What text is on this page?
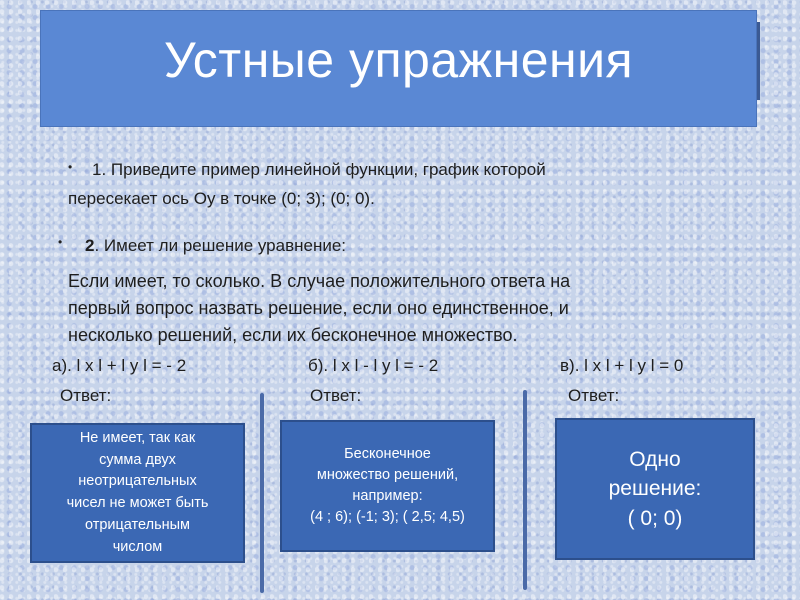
Устные упражнения
• 1. Приведите пример линейной функции, график которой
пересекает ось Оу в точке (0; 3); (0; 0).
• 2. Имеет ли решение уравнение:
Если имеет, то сколько. В случае положительного ответа на
первый вопрос назвать решение, если оно единственное, и
несколько решений, если их бесконечное множество.
а). l x l + l y l = - 2	б). l x l - l y l = - 2	в). l x l + l y l = 0
Ответ:	Ответ:	Ответ:
Не имеет, так как
сумма двух
неотрицательных
чисел не может быть
отрицательным
числом
Бесконечное
множество решений,
например:
(4 ; 6); (-1; 3); ( 2,5; 4,5)
Одно
решение:
( 0; 0)
